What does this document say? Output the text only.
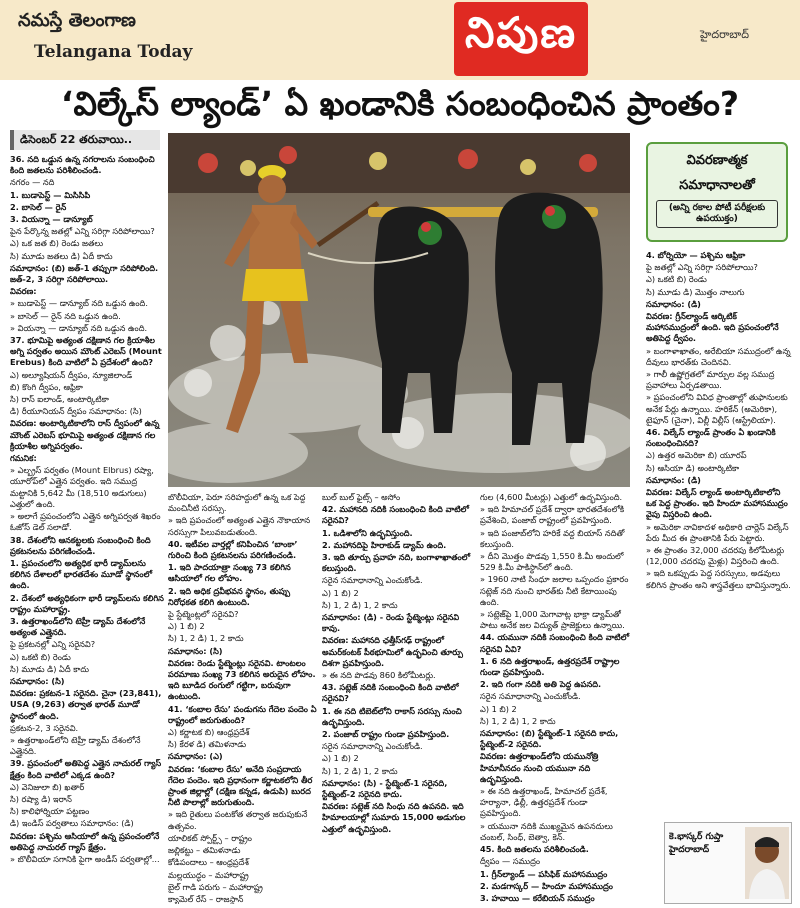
నమస్తే తెలంగాణ
Telangana Today	నిపుణ	హైదరాబాద్
‘విల్కేస్ ల్యాండ్’ ఏ ఖండానికి సంబంధించిన ప్రాంతం?
డిసెంబర్ 22 తరువాయి..

36. నది ఒడ్డున ఉన్న నగరాలను సంబంధించి కింది జతలను పరిశీలించండి.

నగరం — నది

1. బుడాపెస్ట్ — మిసిసిపి

2. బాసెల్ — రైన్

3. వియన్నా — డాన్యూబ్

పైన పేర్కొన్న జతల్లో ఎన్ని సరిగ్గా సరిపోలాయి?

ఎ) ఒక జత బి) రెండు జతలు

సి) మూడు జతలు డి) ఏదీ కాదు

సమాధానం: (బి) జత్-1 తప్పుగా సరిపోలింది. జత్-2, 3 సరిగ్గా సరిపోలాయి.

వివరణ:

» బుడాపెస్ట్ — డాన్యూబ్ నది ఒడ్డున ఉంది.

» బాసెల్ — రైన్ నది ఒడ్డున ఉంది.

» వియన్నా — డాన్యూబ్ నది ఒడ్డున ఉంది.

37. భూమిపై అత్యంత దక్షిణాన గల క్రియాశీల అగ్ని పర్వతం అయిన మౌంట్ ఎరెబస్ (Mount Erebus) కింది వాటిలో ఏ ప్రదేశంలో ఉంది?

ఎ) అల్యూషియన్ ద్వీపం, న్యూజిలాండ్

బి) కొంగి ద్వీపం, ఆఫ్రికా

సి) రాస్ ఐలాండ్, అంటార్కిటికా

డి) రీయూనియన్ ద్వీపం సమాధానం: (సి)

వివరణ: అంటార్కిటికాలోని రాస్ ద్వీపంలో ఉన్న మౌంట్ ఎరెబస్ భూమిపై అత్యంత దక్షిణాన గల క్రియాశీల అగ్నిపర్వతం.

గమనిక:

» ఎల్బ్రస్ పర్వతం (Mount Elbrus) రష్యా, యూరోప్‌లో ఎత్తైన పర్వతం. ఇది సముద్ర మట్టానికి 5,642 మీ (18,510 అడుగులు) ఎత్తులో ఉంది.

» అలాగే ప్రపంచంలోని ఎత్తైన అగ్నిపర్వత శిఖరం ఓజోస్ డెల్ సలాడో.

38. దేశంలోని ఆనకట్టలకు సంబంధించి కింది ప్రకటనలను పరిగణించండి.

1. ప్రపంచంలోని అత్యధిక భారీ డ్యామ్‌లను కలిగిన దేశాలలో భారతదేశం మూడో స్థానంలో ఉంది.

2. దేశంలో అత్యధికంగా భారీ డ్యామ్‌లను కలిగిన రాష్ట్రం మహారాష్ట్ర.

3. ఉత్తరాఖండ్‌లోని టెహ్రీ డ్యామ్ దేశంలోనే అత్యంత ఎత్తైనది.

పై ప్రకటనల్లో ఎన్ని సరైనవి?

ఎ) ఒకటి బి) రెండు

సి) మూడు డి) ఏదీ కాదు

సమాధానం: (సి)

వివరణ: ప్రకటన-1 సరైనది. చైనా (23,841), USA (9,263) తర్వాత భారత్ మూడో స్థానంలో ఉంది.

ప్రకటన-2, 3 సరైనవి.

» ఉత్తరాఖండ్‌లోని టెహ్రీ డ్యామ్ దేశంలోనే ఎత్తైనది.

39. ప్రపంచంలో అతిపెద్ద ఎత్తైన నాచురల్ గ్యాస్ క్షేత్రం కింది వాటిలో ఎక్కడ ఉంది?

ఎ) వెనిజులా బి) ఖతార్

సి) రష్యా డి) ఇరాన్

సి) కాలిఫోర్నియా పట్టణం

డి) ఇండిస్ పర్వతాలు సమాధానం: (డి)

వివరణ: పశ్చిమ ఆసియాలో ఉన్న ప్రపంచంలోనే అతిపెద్ద నాచురల్ గ్యాస్ క్షేత్రం.

» బొలీవియా సగానికి పైగా అండీస్ పర్వతాల్లో...

వివరణాత్మక
సమాధానాలతో
(అన్ని రకాల పోటీ పరీక్షలకు ఉపయుక్తం)

4. బోర్నియో — పశ్చిమ ఆఫ్రికా

పై జతల్లో ఎన్ని సరిగ్గా సరిపోలాయి?

ఎ) ఒకటి బి) రెండు

సి) మూడు డి) మొత్తం నాలుగు

సమాధానం: (డి)

వివరణ: గ్రీన్‌ల్యాండ్ ఆర్కిటిక్ మహాసముద్రంలో ఉంది. ఇది ప్రపంచంలోనే అతిపెద్ద ద్వీపం.

» బంగాళాఖాతం, అరేబియా సముద్రంలో ఉన్న దీవులు భారత్‌కు చెందినవి.

» గాలీ ఉష్ణోగ్రతలో మార్పుల వల్ల సముద్ర ప్రవాహాలు ఏర్పడతాయి.

» ప్రపంచంలోని వివిధ ప్రాంతాల్లో తుఫానులకు అనేక పేర్లు ఉన్నాయి. హరికేన్ (అమెరికా), టైఫూన్ (చైనా), విల్లీ విల్లీస్ (ఆస్ట్రేలియా).

46. విల్కేస్ ల్యాండ్ ప్రాంతం ఏ ఖండానికి సంబంధించినది?

ఎ) ఉత్తర అమెరికా బి) యూరప్

సి) ఆసియా డి) అంటార్కిటికా

సమాధానం: (డి)

వివరణ: విల్కేస్ ల్యాండ్ అంటార్కిటికాలోని ఒక పెద్ద ప్రాంతం. ఇది హిందూ మహాసముద్రం వైపు విస్తరించి ఉంది.

» అమెరికా నావికాదళ అధికారి చార్లెస్ విల్కేస్ పేరు మీద ఈ ప్రాంతానికి పేరు పెట్టారు.

» ఈ ప్రాంతం 32,000 చదరపు కిలోమీటర్లు (12,000 చదరపు మైళ్లు) విస్తరించి ఉంది.

» ఇది ఒకప్పుడు పెద్ద సరస్సులు, అడవులు కలిగిన ప్రాంతం అని శాస్త్రవేత్తలు భావిస్తున్నారు.

బొలీవియా, పెరూ సరిహద్దులో ఉన్న ఒక పెద్ద మంచినీటి సరస్సు.

» ఇది ప్రపంచంలో అత్యంత ఎత్తైన నౌకాయాన సరస్సుగా పిలువబడుతుంది.

40. ఇటీవల వార్తల్లో కనిపించిన ‘బాంకా’ గురించి కింది ప్రకటనలను పరిగణించండి.

1. ఇది పాదయాత్రా సంఖ్య 73 కలిగిన ఆసియాలో గల లోహం.

2. ఇది అధిక ద్రవీభవన స్థానం, తుప్పు నిరోధకత కలిగి ఉంటుంది.

పై స్టేట్మెంట్లలో సరైనవి?

ఎ) 1 బి) 2

సి) 1, 2 డి) 1, 2 కాదు

సమాధానం: (సి)

వివరణ: రెండు స్టేట్మెంట్లు సరైనవి. టాంటలం పరమాణు సంఖ్య 73 కలిగిన అరుదైన లోహం. ఇది బూడిద రంగులో గట్టిగా, బరువుగా ఉంటుంది.

41. ‘కంబాల రేసు’ పండుగను గేదెల పందెం ఏ రాష్ట్రంలో జరుగుతుంది?

ఎ) కర్ణాటక బి) ఆంధ్రప్రదేశ్

సి) కేరళ డి) తమిళనాడు

సమాధానం: (ఎ)

వివరణ: ‘కంబాల రేసు’ అనేది సంప్రదాయ గేదెల పందెం. ఇది ప్రధానంగా కర్ణాటకలోని తీర ప్రాంత జిల్లాల్లో (దక్షిణ కన్నడ, ఉడుపి) బురద నీటి పొలాల్లో జరుగుతుంది.

» ఇది రైతులు పంటకోత తర్వాత జరుపుకునే ఉత్సవం.

యాలికట్ స్పోర్ట్స్ – రాష్ట్రం

జల్లికట్టు – తమిళనాడు

కోడిపందాలు – ఆంధ్రప్రదేశ్

మల్లయుద్ధం – మహారాష్ట్ర

బైల్ గాడి పరుగు – మహారాష్ట్ర

క్యామెల్ రేస్ – రాజస్థాన్

బుల్ బుల్ ఫైట్స్ – అసోం

42. మహానది నదికి సంబంధించి కింది వాటిలో సరైనవి?

1. ఒడిశాలోని ఉద్భవిస్తుంది.

2. మహానదిపై హిరాకుడ్ డ్యామ్ ఉంది.

3. ఇది తూర్పు ప్రవాహ నది, బంగాళాఖాతంలో కలుస్తుంది.

సరైన సమాధానాన్ని ఎంచుకోండి.

ఎ) 1 బి) 2

సి) 1, 2 డి) 1, 2 కాదు

సమాధానం: (డి) - రెండు స్టేట్మెంట్లు సరైనవి కావు.

వివరణ: మహానది ఛత్తీస్‌గఢ్ రాష్ట్రంలో అమర్‌కంటక్ పీఠభూమిలో ఉద్భవించి తూర్పు దిశగా ప్రవహిస్తుంది.

» ఈ నది పొడవు 860 కిలోమీటర్లు.

43. సట్లెజ్ నదికి సంబంధించి కింది వాటిలో సరైనవి?

1. ఈ నది టిబెట్‌లోని రాకాస్ సరస్సు నుంచి ఉద్భవిస్తుంది.

2. పంజాబ్ రాష్ట్రం గుండా ప్రవహిస్తుంది.

సరైన సమాధానాన్ని ఎంచుకోండి.

ఎ) 1 బి) 2

సి) 1, 2 డి) 1, 2 కాదు

సమాధానం: (సి) - స్టేట్మెంట్-1 సరైనది, స్టేట్మెంట్-2 సరైనది కాదు.

వివరణ: సట్లెజ్ నది సింధు నది ఉపనది. ఇది హిమాలయాల్లో సుమారు 15,000 అడుగుల ఎత్తులో ఉద్భవిస్తుంది.

గుల (4,600 మీటర్లు) ఎత్తులో ఉద్భవిస్తుంది.

» ఇది హిమాచల్ ప్రదేశ్ ద్వారా భారతదేశంలోకి ప్రవేశించి, పంజాబ్ రాష్ట్రంలో ప్రవహిస్తుంది.

» ఇది పంజాబ్‌లోని హరికే వద్ద బియాస్ నదితో కలుస్తుంది.

» దీని మొత్తం పొడవు 1,550 కి.మీ అందులో 529 కి.మీ పాకిస్థాన్‌లో ఉంది.

» 1960 నాటి సింధూ జలాల ఒప్పందం ప్రకారం సట్లెజ్ నది నుంచి భారత్‌కు నీటి కేటాయింపు ఉంది.

» సట్లెజ్‌పై 1,000 మెగావాట్ల భాక్రా డ్యామ్‌తో పాటు అనేక జల విద్యుత్ ప్రాజెక్టులు ఉన్నాయి.

44. యమునా నదికి సంబంధించి కింది వాటిలో సరైనవి ఏవి?

1. 6 నది ఉత్తరాఖండ్, ఉత్తరప్రదేశ్ రాష్ట్రాల గుండా ప్రవహిస్తుంది.

2. ఇది గంగా నదికి అతి పెద్ద ఉపనది.

సరైన సమాధానాన్ని ఎంచుకోండి.

ఎ) 1 బి) 2

సి) 1, 2 డి) 1, 2 కాదు

సమాధానం: (బి) స్టేట్మెంట్-1 సరైనది కాదు, స్టేట్మెంట్-2 సరైనది.

వివరణ: ఉత్తరాఖండ్‌లోని యమునోత్రి హిమానీనదం నుంచి యమునా నది ఉద్భవిస్తుంది.

» ఈ నది ఉత్తరాఖండ్, హిమాచల్ ప్రదేశ్, హర్యానా, ఢిల్లీ, ఉత్తరప్రదేశ్ గుండా ప్రవహిస్తుంది.

» యమునా నదికి ముఖ్యమైన ఉపనదులు చంబల్, సింధ్, బెత్వా, కెన్.

45. కింది జతలను పరిశీలించండి.

ద్వీపం — సముద్రం

1. గ్రీన్‌ల్యాండ్ — పసిఫిక్ మహాసముద్రం

2. మడగాస్కర్ — హిందూ మహాసముద్రం

3. హవాయి — కరేబియన్ సముద్రం

కె.భాస్కర్ గుప్తా
హైదరాబాద్
